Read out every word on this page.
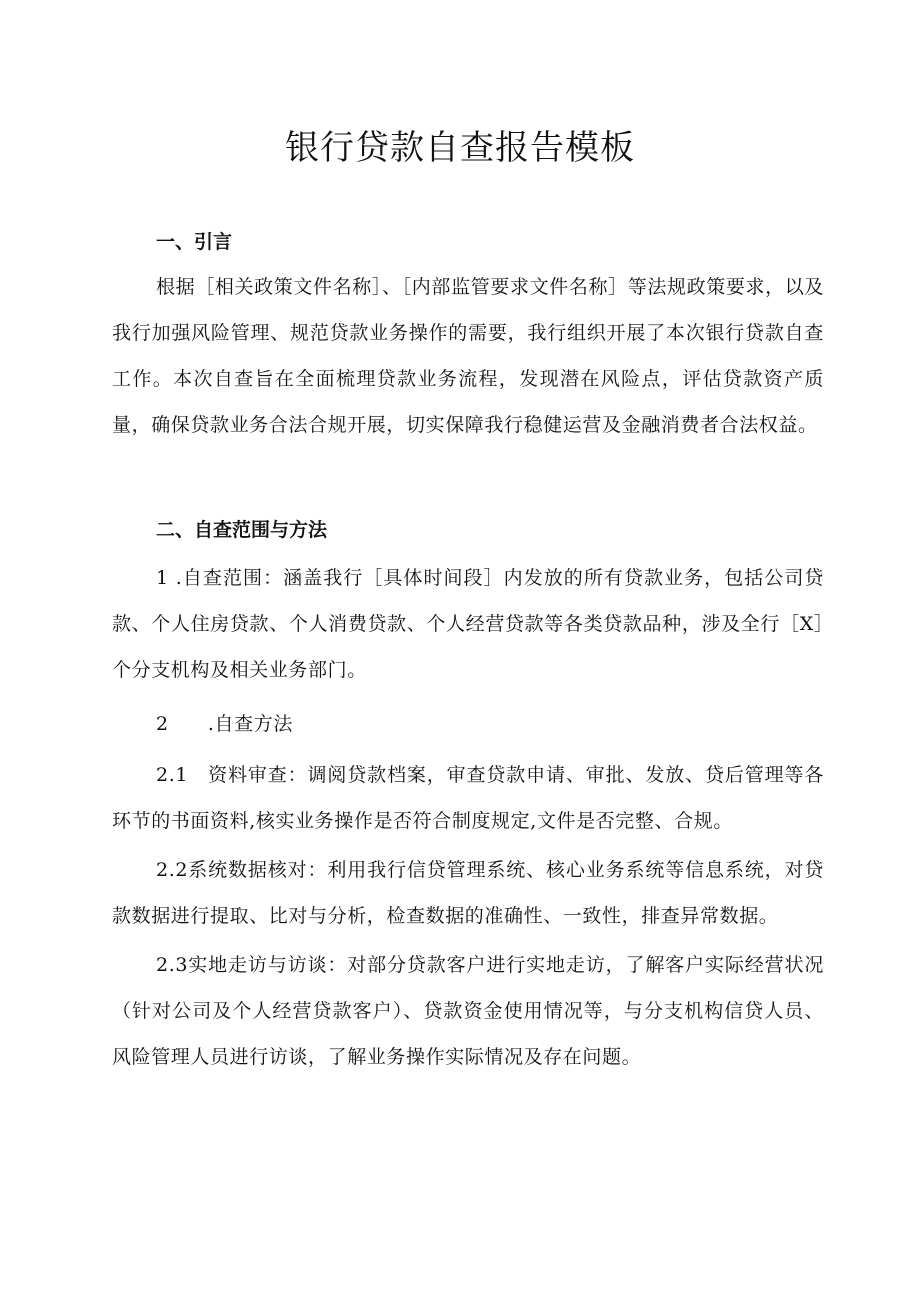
银行贷款自查报告模板
一、引言

根据［相关政策文件名称］、［内部监管要求文件名称］等法规政策要求，以及我行加强风险管理、规范贷款业务操作的需要，我行组织开展了本次银行贷款自查工作。本次自查旨在全面梳理贷款业务流程，发现潜在风险点，评估贷款资产质量，确保贷款业务合法合规开展，切实保障我行稳健运营及金融消费者合法权益。

二、自查范围与方法

1 .自查范围：涵盖我行［具体时间段］内发放的所有贷款业务，包括公司贷款、个人住房贷款、个人消费贷款、个人经营贷款等各类贷款品种，涉及全行［X］个分支机构及相关业务部门。

2　　.自查方法

2.1　资料审查：调阅贷款档案，审查贷款申请、审批、发放、贷后管理等各环节的书面资料,核实业务操作是否符合制度规定,文件是否完整、合规。

2.2系统数据核对：利用我行信贷管理系统、核心业务系统等信息系统，对贷款数据进行提取、比对与分析，检查数据的准确性、一致性，排查异常数据。

2.3实地走访与访谈：对部分贷款客户进行实地走访，了解客户实际经营状况（针对公司及个人经营贷款客户）、贷款资金使用情况等，与分支机构信贷人员、风险管理人员进行访谈，了解业务操作实际情况及存在问题。
